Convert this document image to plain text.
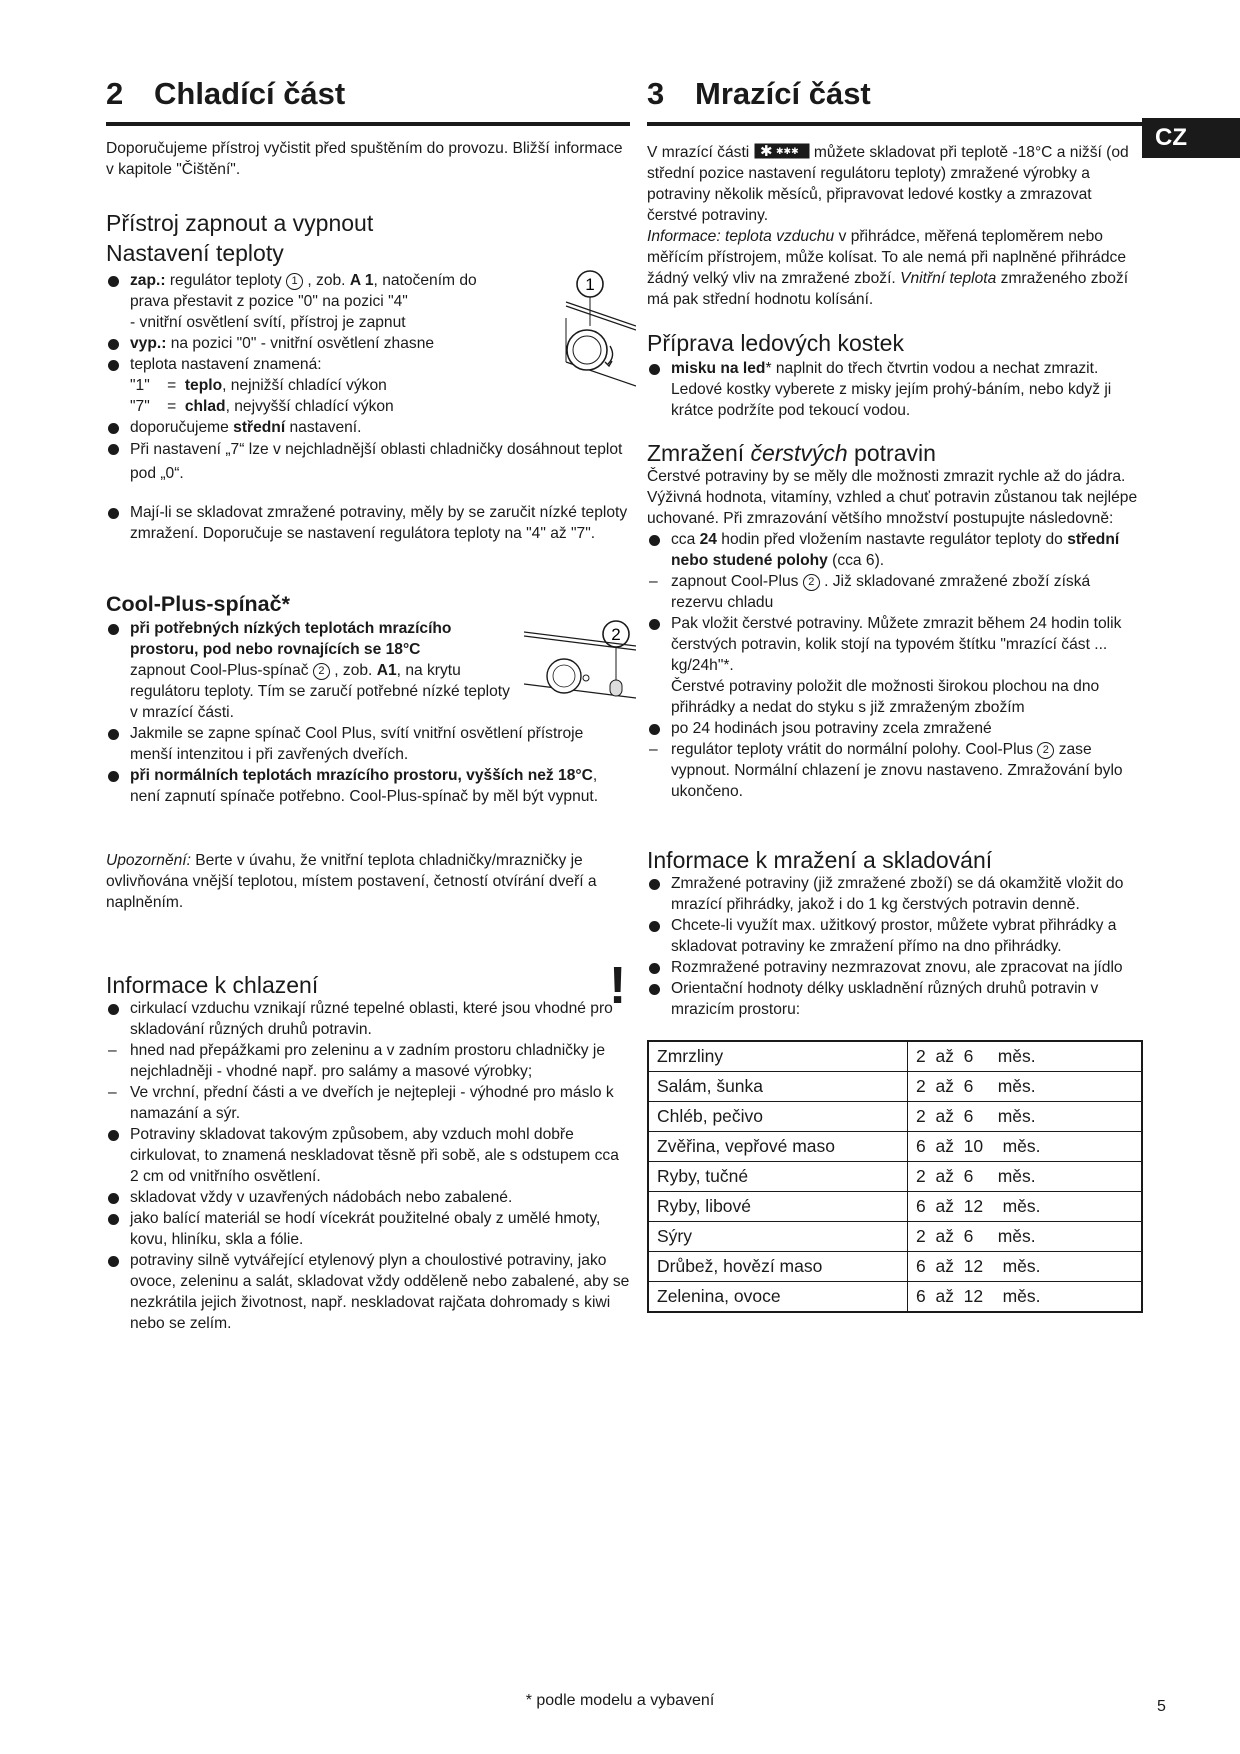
2 Chladící část

Doporučujeme přístroj vyčistit před spuštěním do provozu. Bližší informace v kapitole "Čištění".

Přístroj zapnout a vypnout
Nastavení teploty
zap.: regulátor teploty 1 , zob. A 1, natočením do prava přestavit z pozice "0" na pozici "4"
- vnitřní osvětlení svítí, přístroj je zapnut
vyp.: na pozici "0" - vnitřní osvětlení zhasne
teplota nastavení znamená:
"1"    =  teplo, nejnižší chladící výkon
"7"    =  chlad, nejvyšší chladící výkon
doporučujeme střední nastavení.
Při nastavení „7“ lze v nejchladnější oblasti chladničky dosáhnout teplot pod „0“.
Mají-li se skladovat zmražené potraviny, měly by se zaručit nízké teploty zmražení. Doporučuje se nastavení regulátora teploty na "4" až "7".
1
Cool-Plus-spínač*
při potřebných nízkých teplotách mrazícího prostoru, pod nebo rovnajících se 18°C
zapnout Cool-Plus-spínač 2 , zob. A1, na krytu regulátoru teploty. Tím se zaručí potřebné nízké teploty v mrazící části.
Jakmile se zapne spínač Cool Plus, svítí vnitřní osvětlení přístroje menší intenzitou i při zavřených dveřích.
při normálních teplotách mrazícího prostoru, vyšších než 18°C, není zapnutí spínače potřebno. Cool-Plus-spínač by měl být vypnut.
2

Upozornění: Berte v úvahu, že vnitřní teplota chladničky/mrazničky je ovlivňována vnější teplotou, místem postavení, četností otvírání dveří a naplněním.

Informace k chlazení
cirkulací vzduchu vznikají různé tepelné oblasti, které jsou vhodné pro skladování různých druhů potravin.
– hned nad přepážkami pro zeleninu a v zadním prostoru chladničky je nejchladněji - vhodné např. pro salámy a masové výrobky;
– Ve vrchní, přední části a ve dveřích je nejtepleji - výhodné pro máslo k namazání a sýr.
Potraviny skladovat takovým způsobem, aby vzduch mohl dobře cirkulovat, to znamená neskladovat těsně při sobě, ale s odstupem cca 2 cm od vnitřního osvětlení.
skladovat vždy v uzavřených nádobách nebo zabalené.
jako balící materiál se hodí vícekrát použitelné obaly z umělé hmoty, kovu, hliníku, skla a fólie.
potraviny silně vytvářející etylenový plyn a choulostivé potraviny, jako ovoce, zeleninu a salát, skladovat vždy odděleně nebo zabalené, aby se nezkrátila jejich životnost, např. neskladovat rajčata dohromady s kiwi nebo se zelím.
!
3 Mrazící část

V mrazící části ✱ ✱✱✱ můžete skladovat při teplotě -18°C a nižší (od střední pozice nastavení regulátoru teploty) zmražené výrobky a potraviny několik měsíců, připravovat ledové kostky a zmrazovat čerstvé potraviny.

Informace: teplota vzduchu v přihrádce, měřená teploměrem nebo měřícím přístrojem, může kolísat. To ale nemá při naplněné přihrádce žádný velký vliv na zmražené zboží. Vnitřní teplota zmraženého zboží má pak střední hodnotu kolísání.

Příprava ledových kostek
misku na led* naplnit do třech čtvrtin vodou a nechat zmrazit. Ledové kostky vyberete z misky jejím prohý-báním, nebo když ji krátce podržíte pod tekoucí vodou.
Zmražení čerstvých potravin

Čerstvé potraviny by se měly dle možnosti zmrazit rychle až do jádra. Výživná hodnota, vitamíny, vzhled a chuť potravin zůstanou tak nejlépe uchované. Při zmrazování většího množství postupujte následovně:

cca 24 hodin před vložením nastavte regulátor teploty do střední nebo studené polohy (cca 6).
– zapnout Cool-Plus 2 . Již skladované zmražené zboží získá rezervu chladu
Pak vložit čerstvé potraviny. Můžete zmrazit během 24 hodin tolik čerstvých potravin, kolik stojí na typovém štítku "mrazící část ... kg/24h"*.
Čerstvé potraviny položit dle možnosti širokou plochou na dno přihrádky a nedat do styku s již zmraženým zbožím
po 24 hodinách jsou potraviny zcela zmražené
– regulátor teploty vrátit do normální polohy. Cool-Plus 2 zase vypnout. Normální chlazení je znovu nastaveno. Zmražování bylo ukončeno.
Informace k mražení a skladování
Zmražené potraviny (již zmražené zboží) se dá okamžitě vložit do mrazící přihrádky, jakož i do 1 kg čerstvých potravin denně.
Chcete-li využít max. užitkový prostor, můžete vybrat přihrádky a skladovat potraviny ke zmražení přímo na dno přihrádky.
Rozmražené potraviny nezmrazovat znovu, ale zpracovat na jídlo
Orientační hodnoty délky uskladnění různých druhů potravin v mrazicím prostoru:
Zmrzliny	2  až  6     měs.
Salám, šunka	2  až  6     měs.
Chléb, pečivo	2  až  6     měs.
Zvěřina, vepřové maso	6  až  10    měs.
Ryby, tučné	2  až  6     měs.
Ryby, libové	6  až  12    měs.
Sýry	2  až  6     měs.
Drůbež, hovězí maso	6  až  12    měs.
Zelenina, ovoce	6  až  12    měs.
CZ
* podle modelu a vybavení	5
